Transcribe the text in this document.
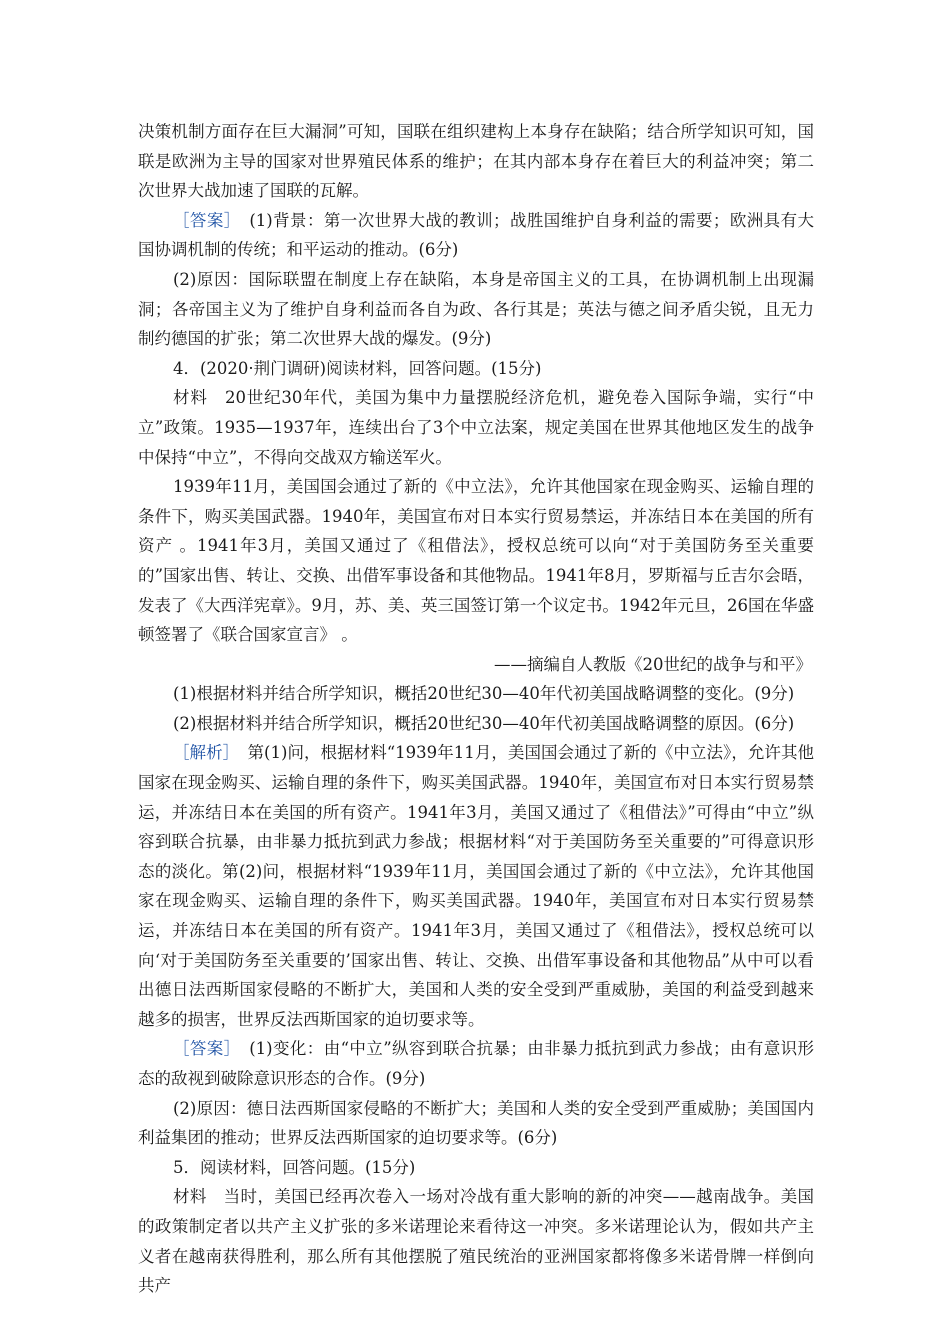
决策机制方面存在巨大漏洞”可知，国联在组织建构上本身存在缺陷；结合所学知识可知，国联是欧洲为主导的国家对世界殖民体系的维护；在其内部本身存在着巨大的利益冲突；第二次世界大战加速了国联的瓦解。

［答案］　(1)背景：第一次世界大战的教训；战胜国维护自身利益的需要；欧洲具有大国协调机制的传统；和平运动的推动。(6分)

(2)原因：国际联盟在制度上存在缺陷，本身是帝国主义的工具，在协调机制上出现漏洞；各帝国主义为了维护自身利益而各自为政、各行其是；英法与德之间矛盾尖锐，且无力制约德国的扩张；第二次世界大战的爆发。(9分)

4．(2020·荆门调研)阅读材料，回答问题。(15分)

材料　20世纪30年代，美国为集中力量摆脱经济危机，避免卷入国际争端，实行“中立”政策。1935—1937年，连续出台了3个中立法案，规定美国在世界其他地区发生的战争中保持“中立”，不得向交战双方输送军火。

1939年11月，美国国会通过了新的《中立法》，允许其他国家在现金购买、运输自理的条件下，购买美国武器。1940年，美国宣布对日本实行贸易禁运，并冻结日本在美国的所有资产 。1941年3月，美国又通过了《租借法》，授权总统可以向“对于美国防务至关重要的”国家出售、转让、交换、出借军事设备和其他物品。1941年8月，罗斯福与丘吉尔会晤，发表了《大西洋宪章》。9月，苏、美、英三国签订第一个议定书。1942年元旦，26国在华盛顿签署了《联合国家宣言》 。

——摘编自人教版《20世纪的战争与和平》

(1)根据材料并结合所学知识，概括20世纪30—40年代初美国战略调整的变化。(9分)

(2)根据材料并结合所学知识，概括20世纪30—40年代初美国战略调整的原因。(6分)

［解析］　第(1)问，根据材料“1939年11月，美国国会通过了新的《中立法》，允许其他国家在现金购买、运输自理的条件下，购买美国武器。1940年，美国宣布对日本实行贸易禁运，并冻结日本在美国的所有资产。1941年3月，美国又通过了《租借法》”可得由“中立”纵容到联合抗暴，由非暴力抵抗到武力参战；根据材料“对于美国防务至关重要的”可得意识形态的淡化。第(2)问，根据材料“1939年11月，美国国会通过了新的《中立法》，允许其他国家在现金购买、运输自理的条件下，购买美国武器。1940年，美国宣布对日本实行贸易禁运，并冻结日本在美国的所有资产。1941年3月，美国又通过了《租借法》，授权总统可以向‘对于美国防务至关重要的’国家出售、转让、交换、出借军事设备和其他物品”从中可以看出德日法西斯国家侵略的不断扩大，美国和人类的安全受到严重威胁，美国的利益受到越来越多的损害，世界反法西斯国家的迫切要求等。

［答案］　(1)变化：由“中立”纵容到联合抗暴；由非暴力抵抗到武力参战；由有意识形态的敌视到破除意识形态的合作。(9分)

(2)原因：德日法西斯国家侵略的不断扩大；美国和人类的安全受到严重威胁；美国国内利益集团的推动；世界反法西斯国家的迫切要求等。(6分)

5．阅读材料，回答问题。(15分)

材料　当时，美国已经再次卷入一场对冷战有重大影响的新的冲突——越南战争。美国的政策制定者以共产主义扩张的多米诺理论来看待这一冲突。多米诺理论认为，假如共产主义者在越南获得胜利，那么所有其他摆脱了殖民统治的亚洲国家都将像多米诺骨牌一样倒向共产
